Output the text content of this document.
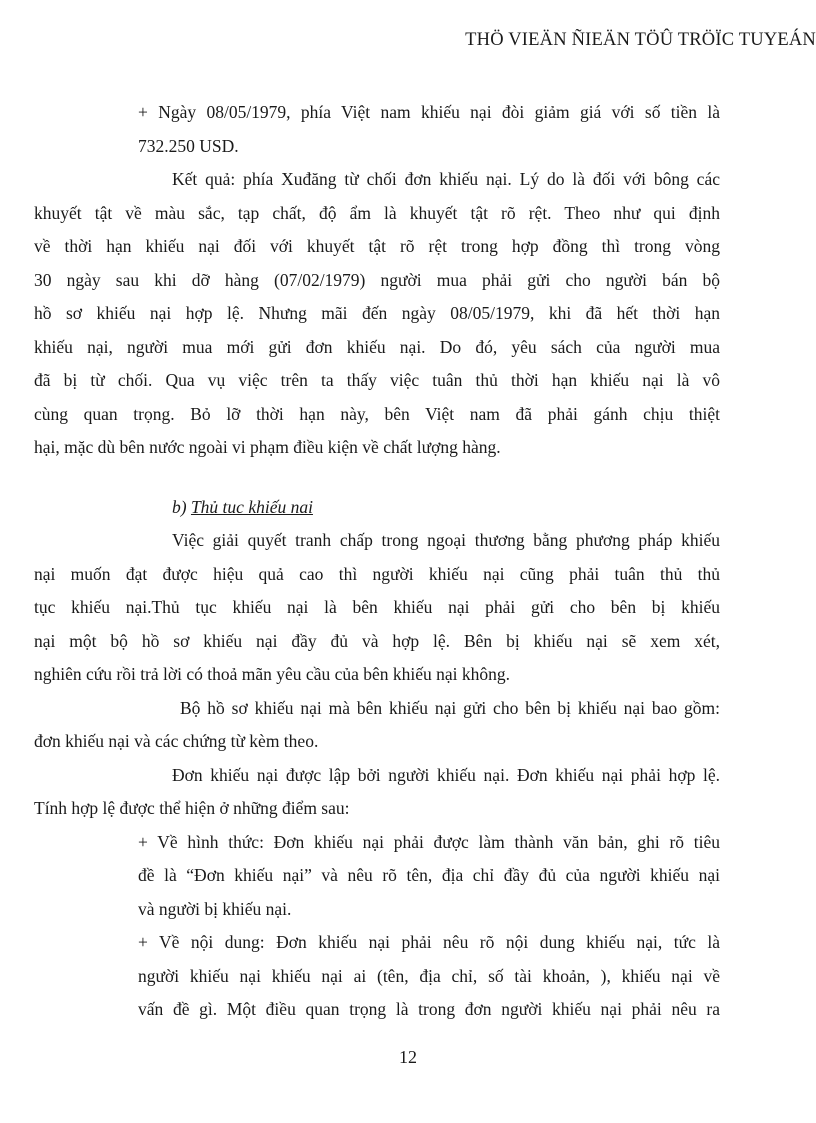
THÖ VIEÄN ÑIEÄN TÖÛ TRÖÏC TUYEÁN
+ Ngày 08/05/1979, phía Việt nam khiếu nại đòi giảm giá với số tiền là
732.250 USD.
Kết quả: phía Xuđăng từ chối đơn khiếu nại. Lý do là đối với bông các
khuyết tật về màu sắc, tạp chất, độ ẩm là khuyết tật rõ rệt. Theo như qui định
về thời hạn khiếu nại đối với khuyết tật rõ rệt trong hợp đồng thì trong vòng
30 ngày sau khi dỡ hàng (07/02/1979) người mua phải gửi cho người bán bộ
hồ sơ khiếu nại hợp lệ. Nhưng mãi đến ngày 08/05/1979, khi đã hết thời hạn
khiếu nại, người mua mới gửi đơn khiếu nại. Do đó, yêu sách của người mua
đã bị từ chối. Qua vụ việc trên ta thấy việc tuân thủ thời hạn khiếu nại là vô
cùng quan trọng. Bỏ lỡ thời hạn này, bên Việt nam đã phải gánh chịu thiệt
hại, mặc dù bên nước ngoài vi phạm điều kiện về chất lượng hàng.
b) Thủ tuc khiếu nai
Việc giải quyết tranh chấp trong ngoại thương bằng phương pháp khiếu
nại muốn đạt được hiệu quả cao thì người khiếu nại cũng phải tuân thủ thủ
tục khiếu nại.Thủ tục khiếu nại là bên khiếu nại phải gửi cho bên bị khiếu
nại một bộ hồ sơ khiếu nại đầy đủ và hợp lệ. Bên bị khiếu nại sẽ xem xét,
nghiên cứu rồi trả lời có thoả mãn yêu cầu của bên khiếu nại không.
Bộ hồ sơ khiếu nại mà bên khiếu nại gửi cho bên bị khiếu nại bao gồm:
đơn khiếu nại và các chứng từ kèm theo.
Đơn khiếu nại được lập bởi người khiếu nại. Đơn khiếu nại phải hợp lệ.
Tính hợp lệ được thể hiện ở những điểm sau:
+ Về hình thức: Đơn khiếu nại phải được làm thành văn bản, ghi rõ tiêu
đề là “Đơn khiếu nại” và nêu rõ tên, địa chỉ đầy đủ của người khiếu nại
và người bị khiếu nại.
+ Về nội dung: Đơn khiếu nại phải nêu rõ nội dung khiếu nại, tức là
người khiếu nại khiếu nại ai (tên, địa chỉ, số tài khoản, ), khiếu nại về
vấn đề gì. Một điều quan trọng là trong đơn người khiếu nại phải nêu ra
12
